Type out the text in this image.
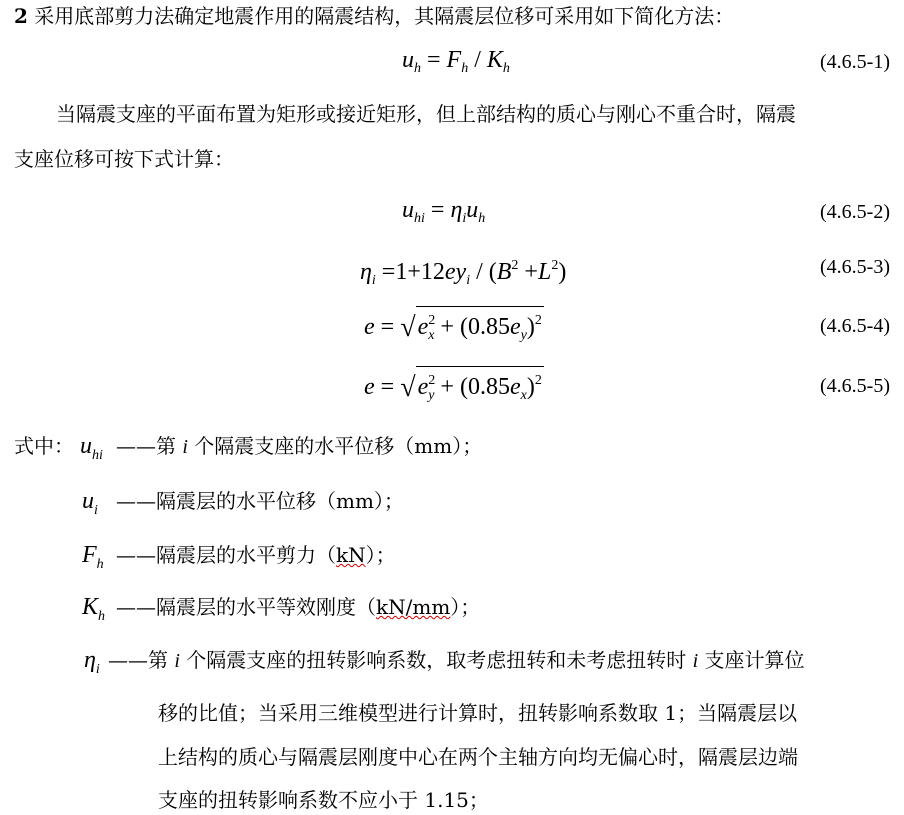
2 采用底部剪力法确定地震作用的隔震结构，其隔震层位移可采用如下简化方法：
$u_h = F_h / K_h$	(4.6.5-1)
当隔震支座的平面布置为矩形或接近矩形，但上部结构的质心与刚心不重合时，隔震
支座位移可按下式计算：
$u_{hi} = \eta_iu_h$	(4.6.5-2)
$\eta_i =1+12ey_i / (B^2 +L^2)$	(4.6.5-3)
$e = √e^2_x + (0.85e_y)^2$	(4.6.5-4)
$e = √e^2_y + (0.85e_x)^2$	(4.6.5-5)
式中： $u_{hi}$ ——第 i 个隔震支座的水平位移（mm）；
$u_i$ ——隔震层的水平位移（mm）；
$F_h$ ——隔震层的水平剪力（kN）；
$K_h$ ——隔震层的水平等效刚度（kN/mm）；
$\eta_i$ ——第 i 个隔震支座的扭转影响系数，取考虑扭转和未考虑扭转时 i 支座计算位
移的比值；当采用三维模型进行计算时，扭转影响系数取 1；当隔震层以
上结构的质心与隔震层刚度中心在两个主轴方向均无偏心时，隔震层边端
支座的扭转影响系数不应小于 1.15；
